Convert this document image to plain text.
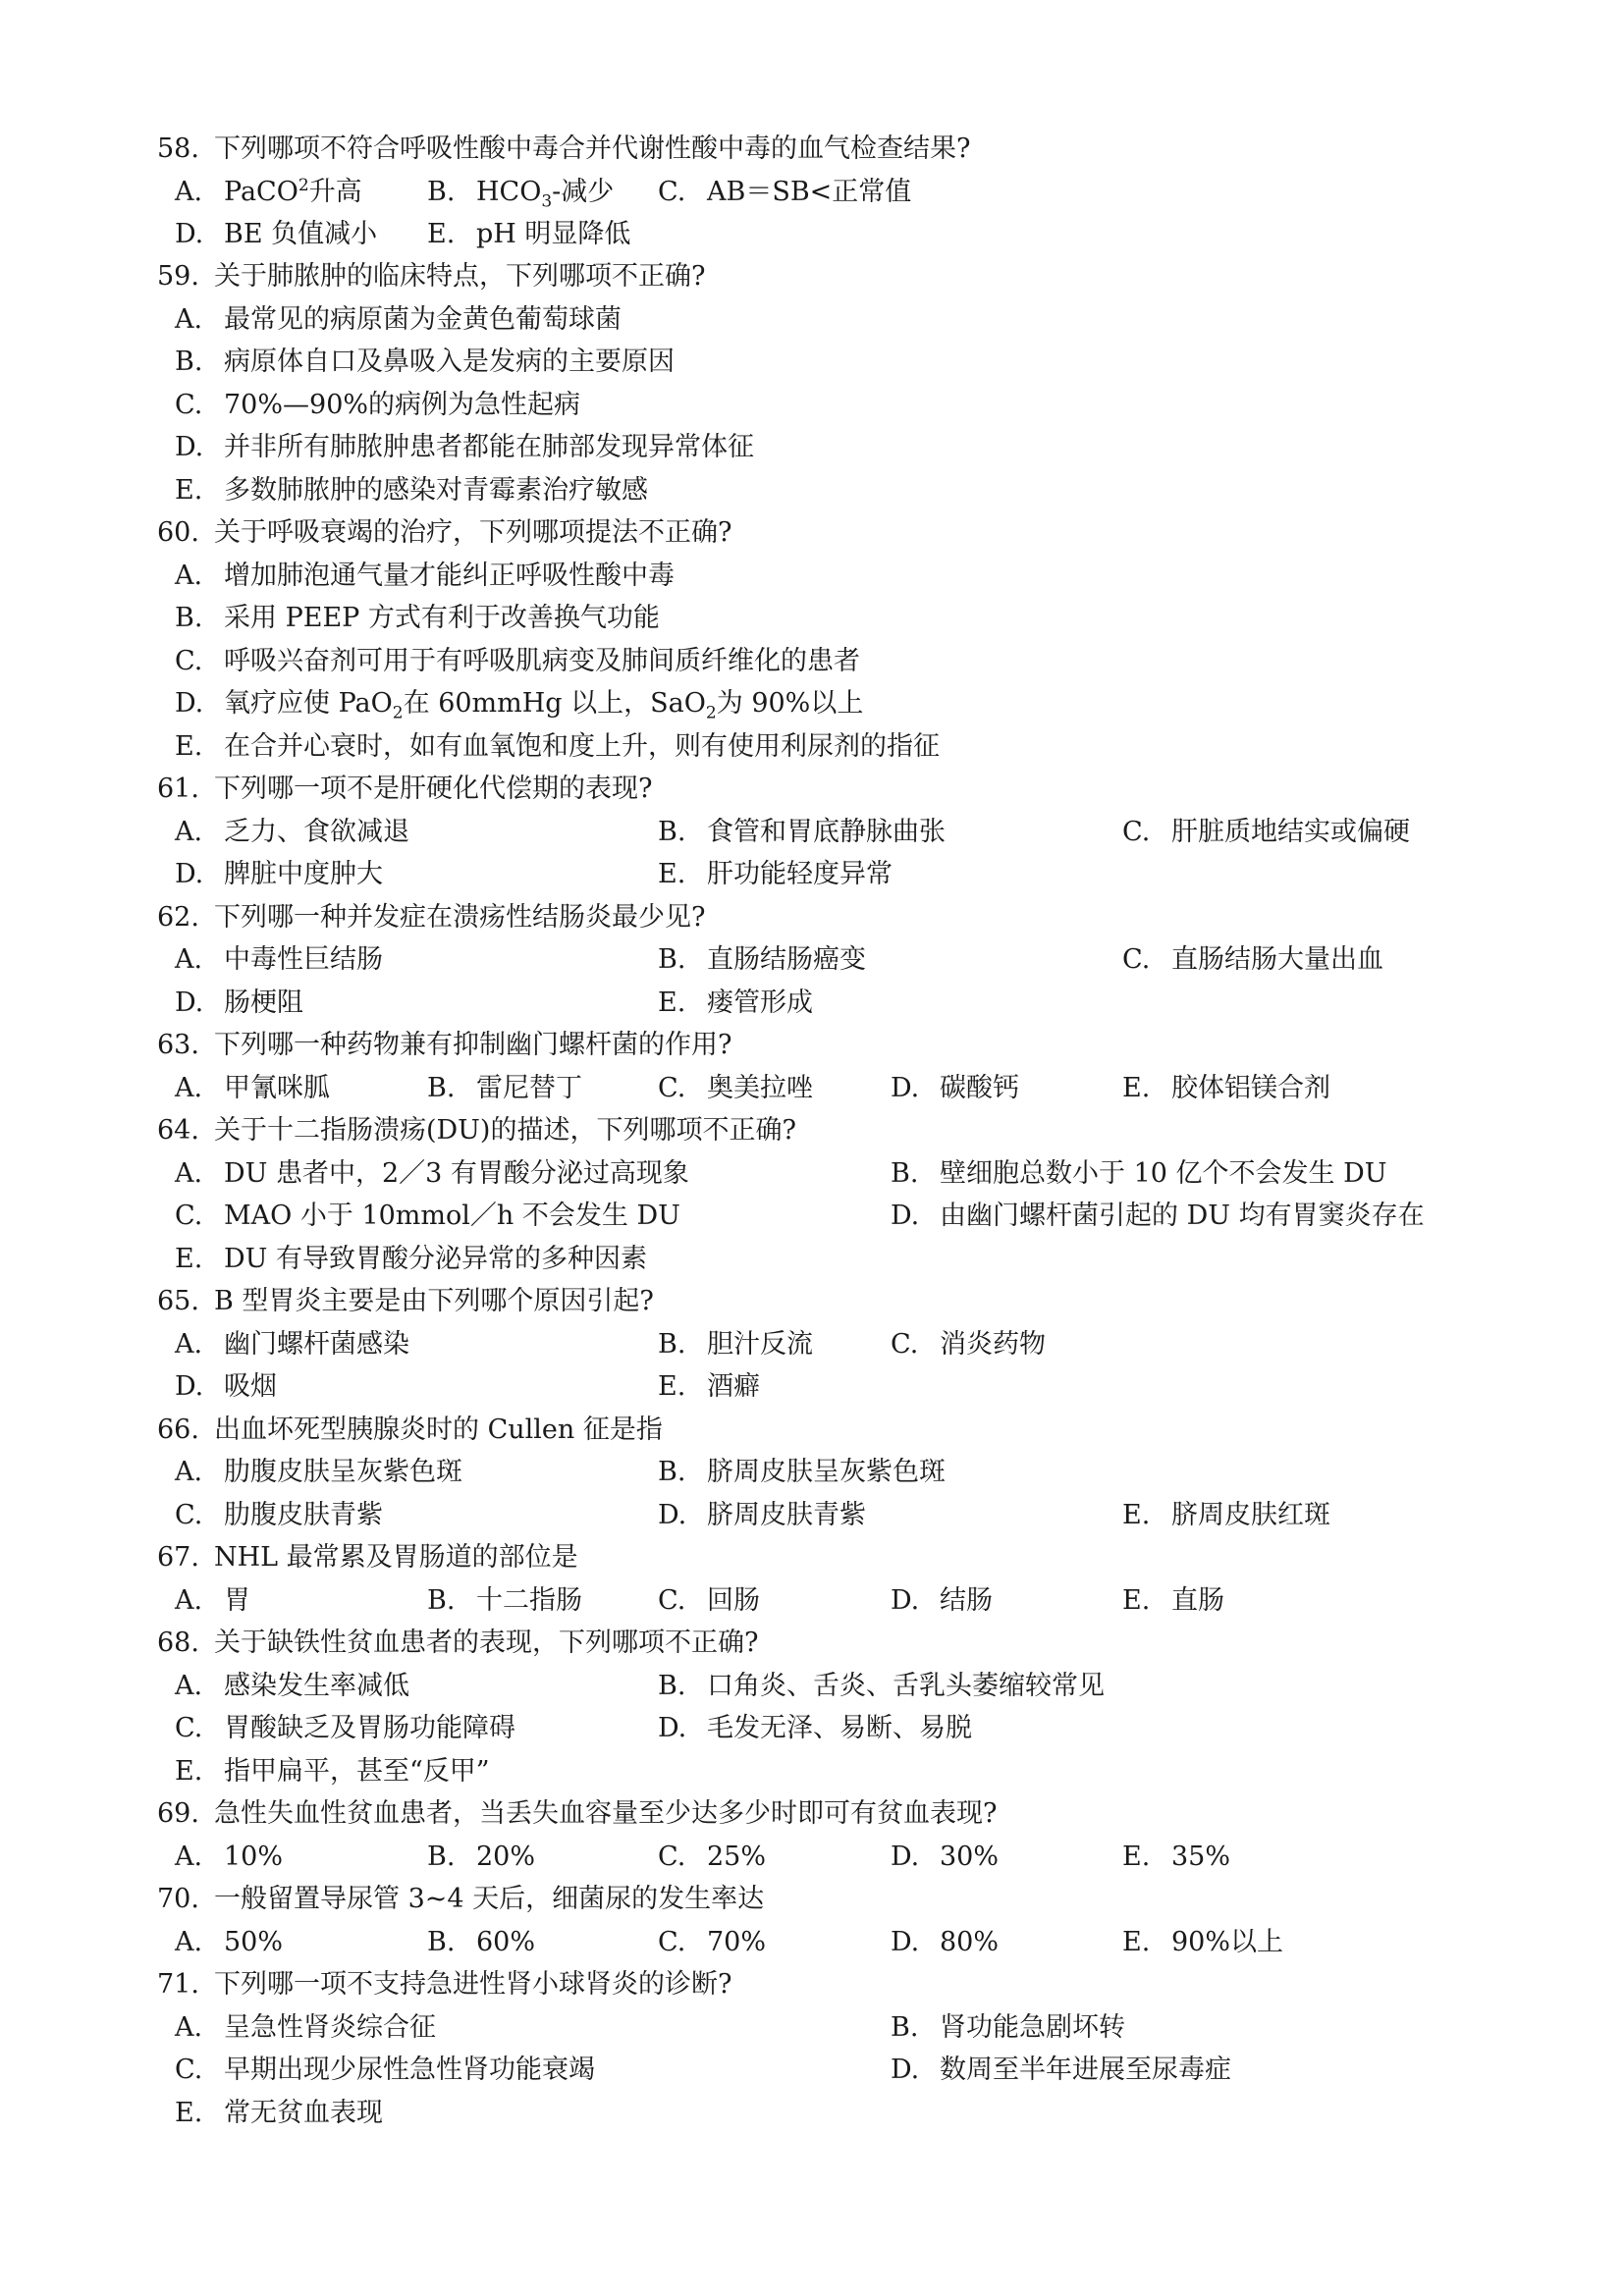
58. 下列哪项不符合呼吸性酸中毒合并代谢性酸中毒的血气检查结果?
A. PaCO$^2$升高 B. $HCO_3-$减少 C. AB＝SB<正常值
D. BE 负值减小 E. pH 明显降低
59. 关于肺脓肿的临床特点，下列哪项不正确?
A. 最常见的病原菌为金黄色葡萄球菌
B. 病原体自口及鼻吸入是发病的主要原因
C. 70%—90%的病例为急性起病
D. 并非所有肺脓肿患者都能在肺部发现异常体征
E. 多数肺脓肿的感染对青霉素治疗敏感
60. 关于呼吸衰竭的治疗，下列哪项提法不正确?
A. 增加肺泡通气量才能纠正呼吸性酸中毒
B. 采用 PEEP 方式有利于改善换气功能
C. 呼吸兴奋剂可用于有呼吸肌病变及肺间质纤维化的患者
D. 氧疗应使 PaO$_2$在 60mmHg 以上，SaO$_2$为 90%以上
E. 在合并心衰时，如有血氧饱和度上升，则有使用利尿剂的指征
61. 下列哪一项不是肝硬化代偿期的表现?
A. 乏力、食欲减退	B. 食管和胃底静脉曲张	C. 肝脏质地结实或偏硬
D. 脾脏中度肿大	E. 肝功能轻度异常
62. 下列哪一种并发症在溃疡性结肠炎最少见?
A. 中毒性巨结肠	B. 直肠结肠癌变	C. 直肠结肠大量出血
D. 肠梗阻	E. 瘘管形成
63. 下列哪一种药物兼有抑制幽门螺杆菌的作用?
A. 甲氰咪胍	B. 雷尼替丁	C. 奥美拉唑	D. 碳酸钙	E. 胶体铝镁合剂
64. 关于十二指肠溃疡(DU)的描述，下列哪项不正确?
A. DU 患者中，2／3 有胃酸分泌过高现象	B. 壁细胞总数小于 10 亿个不会发生 DU
C. MAO 小于 10mmol／h 不会发生 DU	D. 由幽门螺杆菌引起的 DU 均有胃窦炎存在
E. DU 有导致胃酸分泌异常的多种因素
65. B 型胃炎主要是由下列哪个原因引起?
A. 幽门螺杆菌感染	B. 胆汁反流	C. 消炎药物
D. 吸烟	E. 酒癖
66. 出血坏死型胰腺炎时的 Cullen 征是指
A. 肋腹皮肤呈灰紫色斑	B. 脐周皮肤呈灰紫色斑
C. 肋腹皮肤青紫	D. 脐周皮肤青紫	E. 脐周皮肤红斑
67. NHL 最常累及胃肠道的部位是
A. 胃	B. 十二指肠	C. 回肠	D. 结肠	E. 直肠
68. 关于缺铁性贫血患者的表现，下列哪项不正确?
A. 感染发生率减低	B. 口角炎、舌炎、舌乳头萎缩较常见
C. 胃酸缺乏及胃肠功能障碍	D. 毛发无泽、易断、易脱
E. 指甲扁平，甚至“反甲”
69. 急性失血性贫血患者，当丢失血容量至少达多少时即可有贫血表现?
A. 10%	B. 20%	C. 25%	D. 30%	E. 35%
70. 一般留置导尿管 3~4 天后，细菌尿的发生率达
A. 50%	B. 60%	C. 70%	D. 80%	E. 90%以上
71. 下列哪一项不支持急进性肾小球肾炎的诊断?
A. 呈急性肾炎综合征	B. 肾功能急剧坏转
C. 早期出现少尿性急性肾功能衰竭	D. 数周至半年进展至尿毒症
E. 常无贫血表现
